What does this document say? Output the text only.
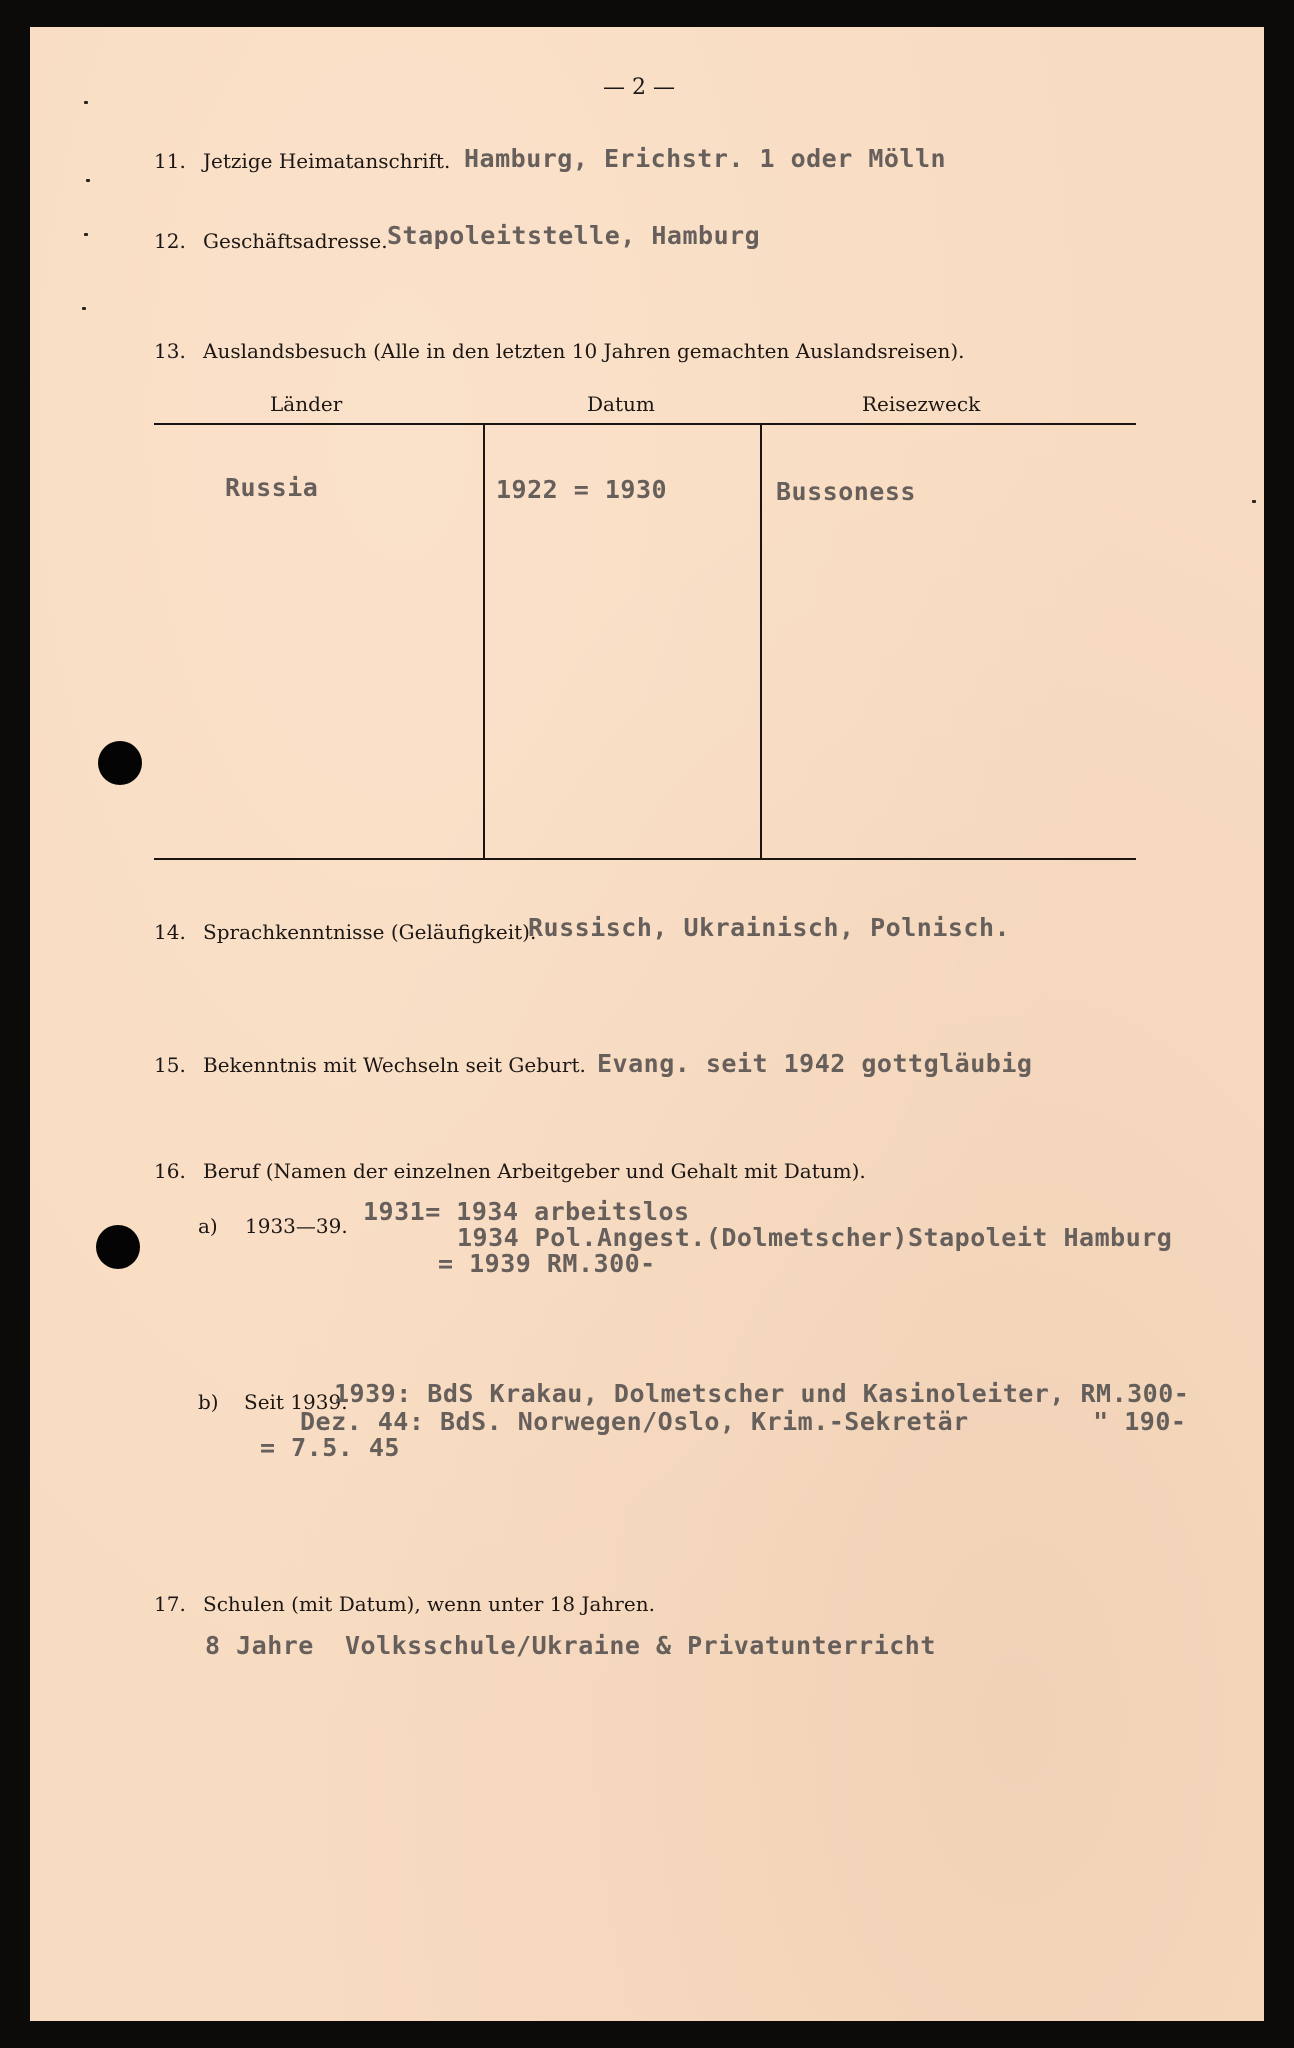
— 2 —
11. Jetzige Heimatanschrift. Hamburg, Erichstr. 1 oder Mölln
12. Geschäftsadresse. Stapoleitstelle, Hamburg
13. Auslandsbesuch (Alle in den letzten 10 Jahren gemachten Auslandsreisen).
Länder	Datum	Reisezweck
Russia	1922 = 1930	Bussoness
14. Sprachkenntnisse (Geläufigkeit).
Russisch, Ukrainisch, Polnisch.
15. Bekenntnis mit Wechseln seit Geburt. Evang. seit 1942 gottgläubig
16. Beruf (Namen der einzelnen Arbeitgeber und Gehalt mit Datum).
a) 1933—39. 1931= 1934 arbeitslos
1934 Pol.Angest.(Dolmetscher)Stapoleit Hamburg
= 1939 RM.300-
b) Seit 1939.
1939: BdS Krakau, Dolmetscher und Kasinoleiter, RM.300-
Dez. 44: BdS. Norwegen/Oslo, Krim.-Sekretär        " 190-
= 7.5. 45
17. Schulen (mit Datum), wenn unter 18 Jahren.
8 Jahre  Volksschule/Ukraine & Privatunterricht
